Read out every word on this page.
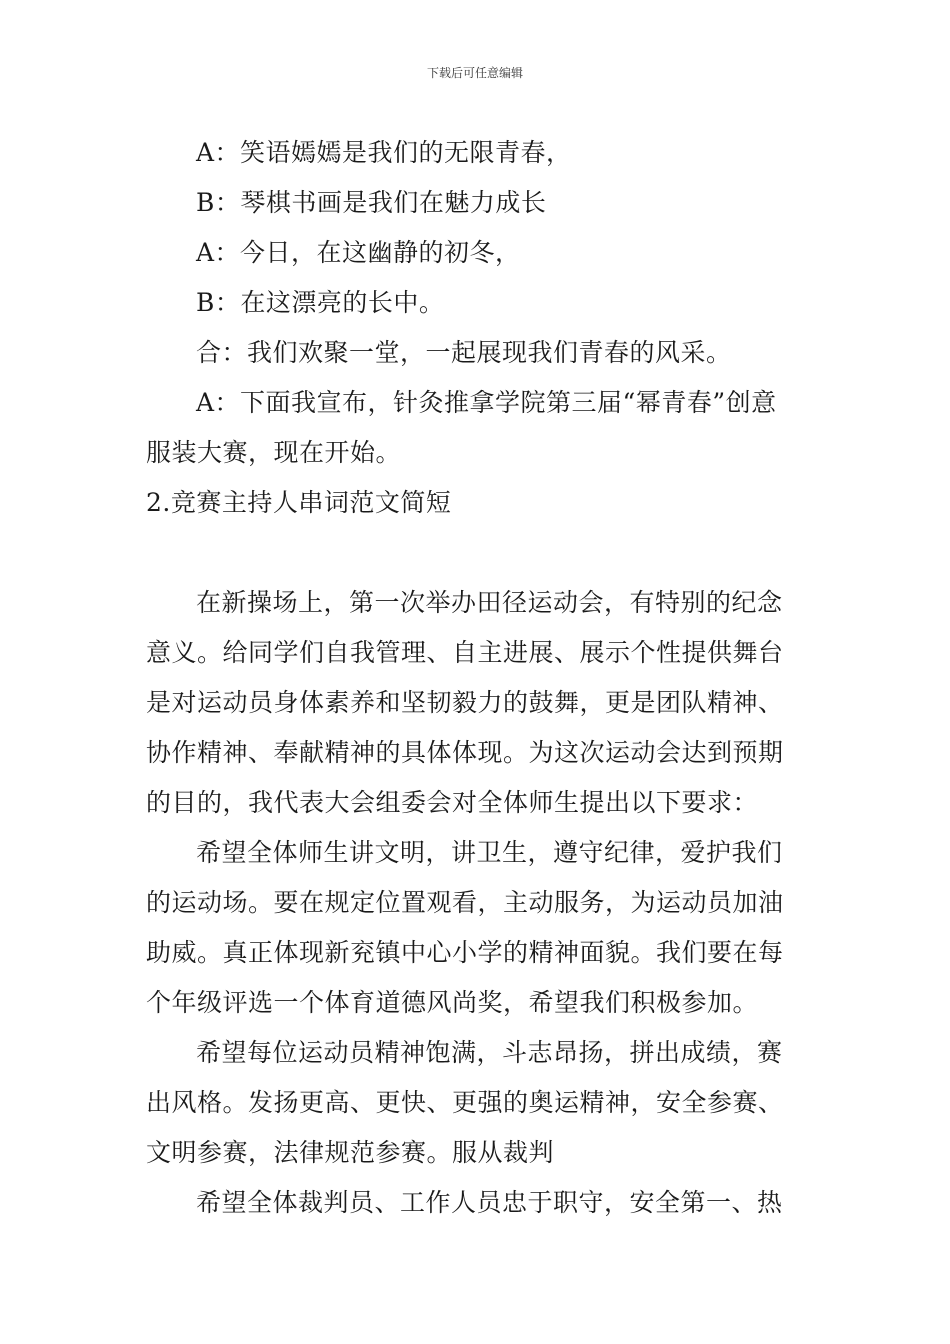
下载后可任意编辑
A：笑语嫣嫣是我们的无限青春，
B：琴棋书画是我们在魅力成长
A：今日，在这幽静的初冬，
B：在这漂亮的长中。
合：我们欢聚一堂，一起展现我们青春的风采。
A：下面我宣布，针灸推拿学院第三届“幂青春”创意
服装大赛，现在开始。
2.竞赛主持人串词范文简短
在新操场上，第一次举办田径运动会，有特别的纪念
意义。给同学们自我管理、自主进展、展示个性提供舞台
是对运动员身体素养和坚韧毅力的鼓舞，更是团队精神、
协作精神、奉献精神的具体体现。为这次运动会达到预期
的目的，我代表大会组委会对全体师生提出以下要求：
希望全体师生讲文明，讲卫生，遵守纪律，爱护我们
的运动场。要在规定位置观看，主动服务，为运动员加油
助威。真正体现新兖镇中心小学的精神面貌。我们要在每
个年级评选一个体育道德风尚奖，希望我们积极参加。
希望每位运动员精神饱满，斗志昂扬，拼出成绩，赛
出风格。发扬更高、更快、更强的奥运精神，安全参赛、
文明参赛，法律规范参赛。服从裁判
希望全体裁判员、工作人员忠于职守，安全第一、热
